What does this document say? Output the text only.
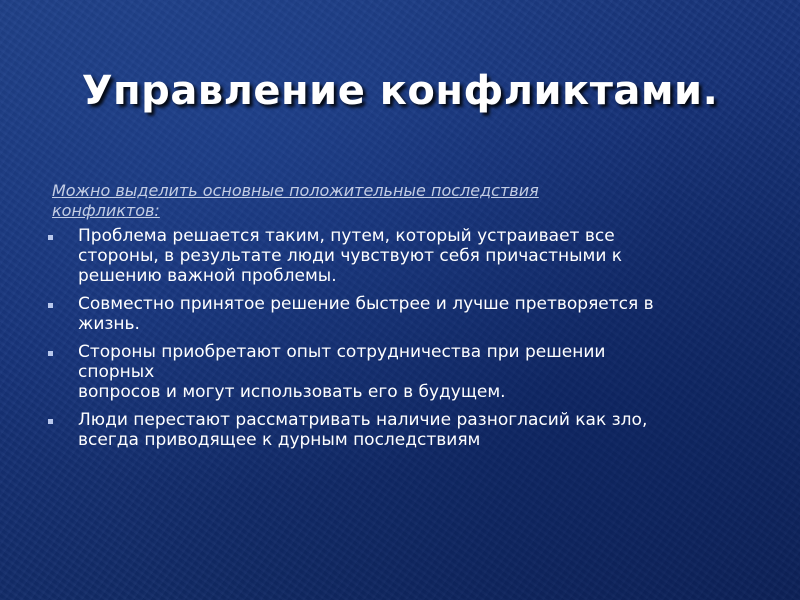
Управление конфликтами.

Можно выделить основные положительные последствия
конфликтов:

Проблема решается таким, путем, который устраивает все
стороны, в результате люди чувствуют себя причастными к
решению важной проблемы.
Совместно принятое решение быстрее и лучше претворяется в
жизнь.
Стороны приобретают опыт сотрудничества при решении
спорных
вопросов и могут использовать его в будущем.
Люди перестают рассматривать наличие разногласий как зло,
всегда приводящее к дурным последствиям
